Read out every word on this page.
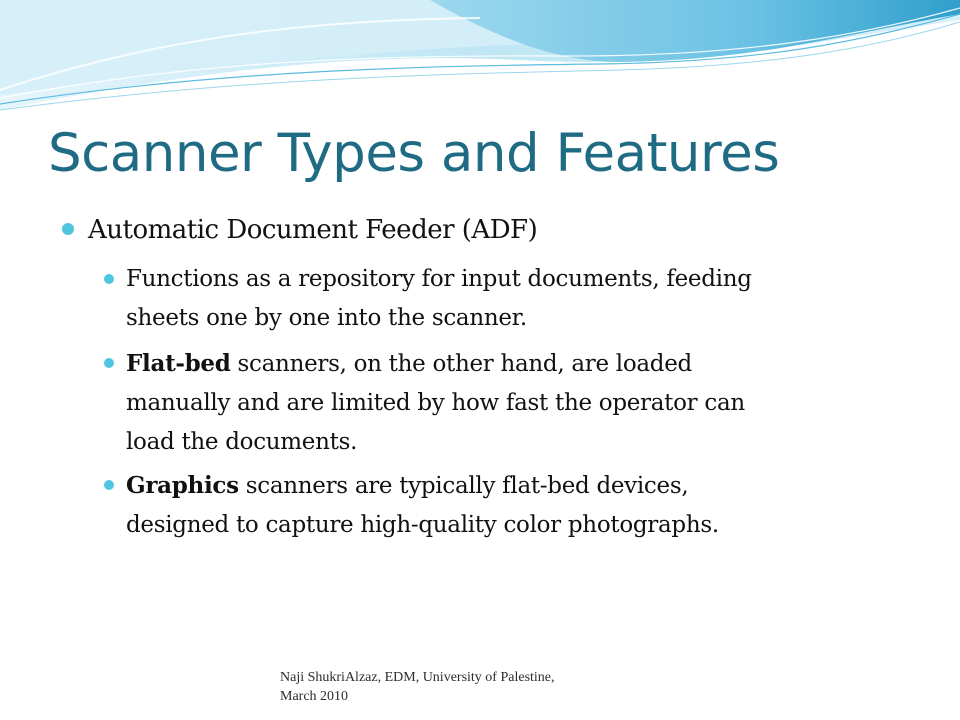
Scanner Types and Features
Automatic Document Feeder (ADF)
Functions as a repository for input documents, feeding
sheets one by one into the scanner.
Flat-bed scanners, on the other hand, are loaded
manually and are limited by how fast the operator can
load the documents.
Graphics scanners are typically flat-bed devices,
designed to capture high-quality color photographs.
Naji ShukriAlzaz, EDM, University of Palestine,
March 2010
